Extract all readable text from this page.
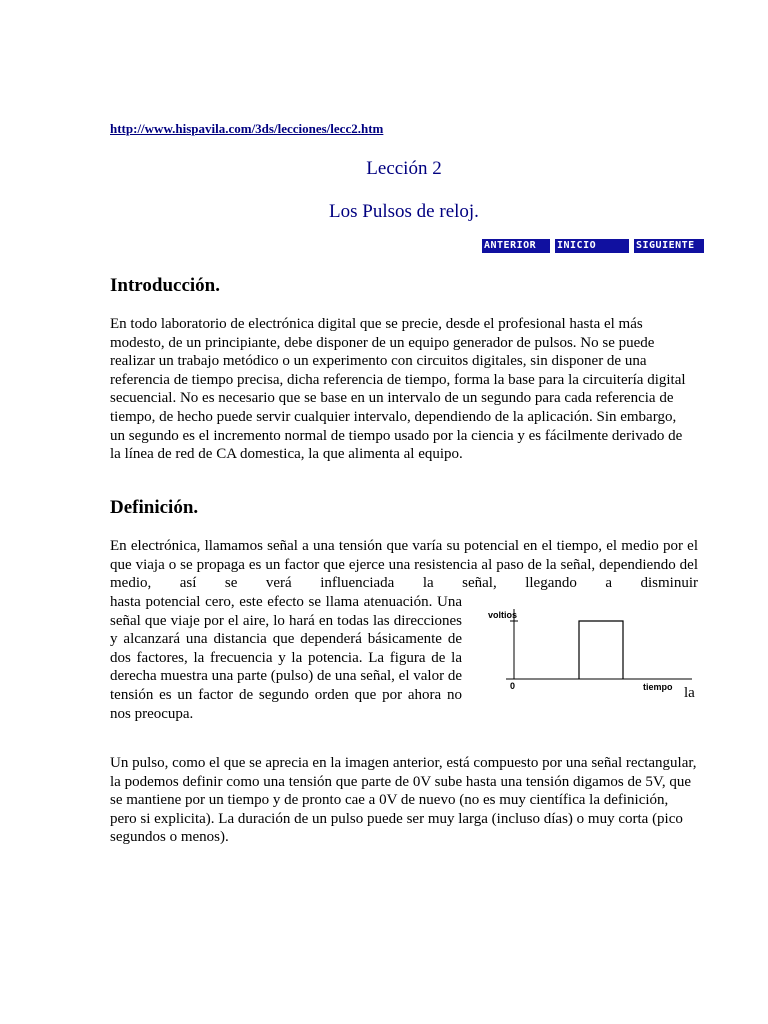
http://www.hispavila.com/3ds/lecciones/lecc2.htm
Lección 2
Los Pulsos de reloj.
ANTERIOR	INICIO	SIGUIENTE
Introducción.

En todo laboratorio de electrónica digital que se precie, desde el profesional hasta el más modesto, de un principiante, debe disponer de un equipo generador de pulsos. No se puede realizar un trabajo metódico o un experimento con circuitos digitales, sin disponer de una referencia de tiempo precisa, dicha referencia de tiempo, forma la base para la circuitería digital secuencial. No es necesario que se base en un intervalo de un segundo para cada referencia de tiempo, de hecho puede servir cualquier intervalo, dependiendo de la aplicación. Sin embargo, un segundo es el incremento normal de tiempo usado por la ciencia y es fácilmente derivado de la línea de red de CA domestica, la que alimenta al equipo.

Definición.

En electrónica, llamamos señal a una tensión que varía su potencial en el tiempo, el medio por el que viaja o se propaga es un factor que ejerce una resistencia al paso de la señal, dependiendo del medio, así se verá influenciada la señal, llegando a disminuir

hasta potencial cero, este efecto se llama atenuación. Una señal que viaje por el aire, lo hará en todas las direcciones y alcanzará una distancia que dependerá básicamente de dos factores, la frecuencia y la potencia. La figura de la derecha muestra una parte (pulso) de una señal, el valor de tensión es un factor de segundo orden que por ahora no nos preocupa.

la
voltios
tiempo
0

Un pulso, como el que se aprecia en la imagen anterior, está compuesto por una señal rectangular, la podemos definir como una tensión que parte de 0V sube hasta una tensión digamos de 5V, que se mantiene por un tiempo y de pronto cae a 0V de nuevo (no es muy científica la definición, pero si explicita). La duración de un pulso puede ser muy larga (incluso días) o muy corta (pico segundos o menos).
